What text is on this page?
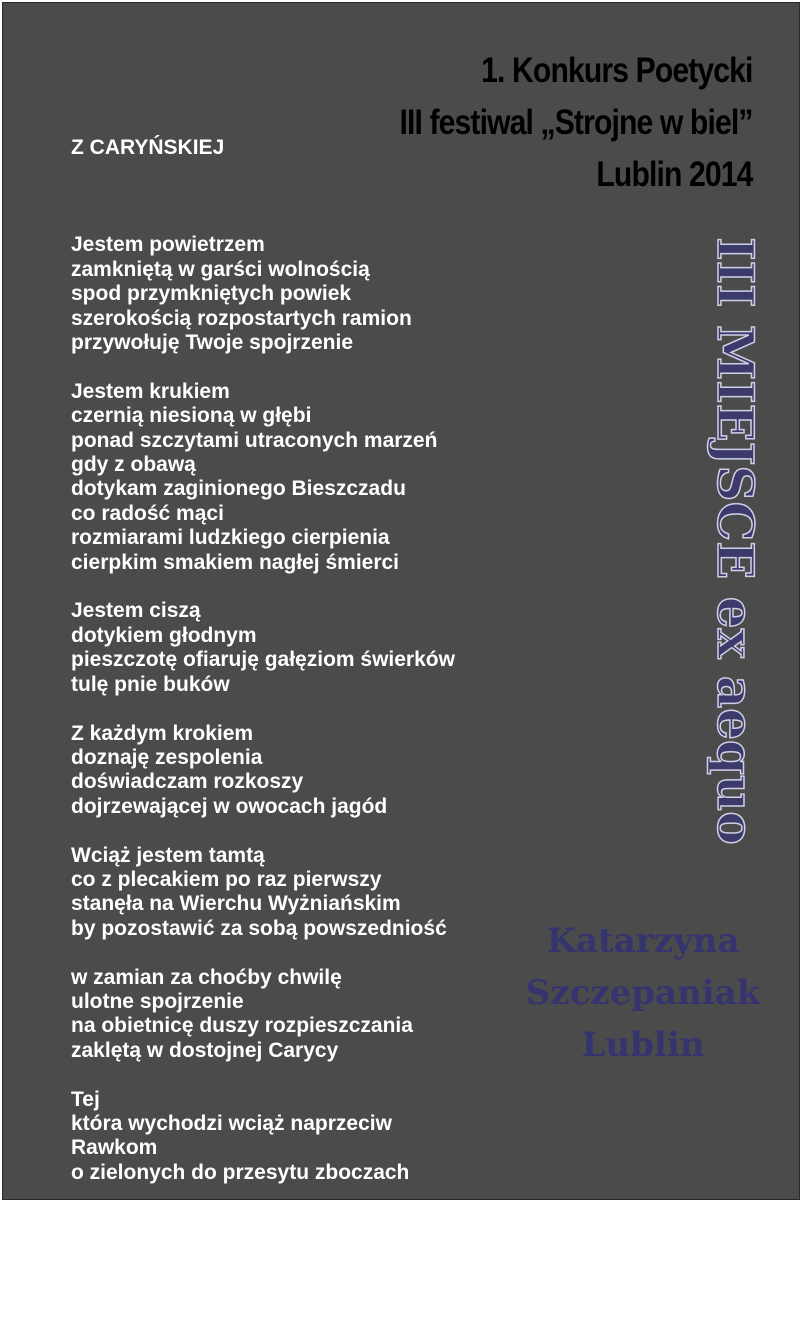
1. Konkurs Poetycki
III festiwal „Strojne w biel”
Lublin 2014

Z CARYŃSKIEJ

Jestem powietrzem
zamkniętą w garści wolnością
spod przymkniętych powiek
szerokością rozpostartych ramion
przywołuję Twoje spojrzenie
Jestem krukiem
czernią niesioną w głębi
ponad szczytami utraconych marzeń
gdy z obawą
dotykam zaginionego Bieszczadu
co radość mąci
rozmiarami ludzkiego cierpienia
cierpkim smakiem nagłej śmierci
Jestem ciszą
dotykiem głodnym
pieszczotę ofiaruję gałęziom świerków
tulę pnie buków
Z każdym krokiem
doznaję zespolenia
doświadczam rozkoszy
dojrzewającej w owocach jagód
Wciąż jestem tamtą
co z plecakiem po raz pierwszy
stanęła na Wierchu Wyżniańskim
by pozostawić za sobą powszedniość
w zamian za choćby chwilę
ulotne spojrzenie
na obietnicę duszy rozpieszczania
zaklętą w dostojnej Carycy
Tej
która wychodzi wciąż naprzeciw
Rawkom
o zielonych do przesytu zboczach
Jestem nadzieją
że kiedyś wyjadę bez żalu
z sercem przepełnionym ciszą

III MIEJSCE ex aequo
Katarzyna
Szczepaniak
Lublin
